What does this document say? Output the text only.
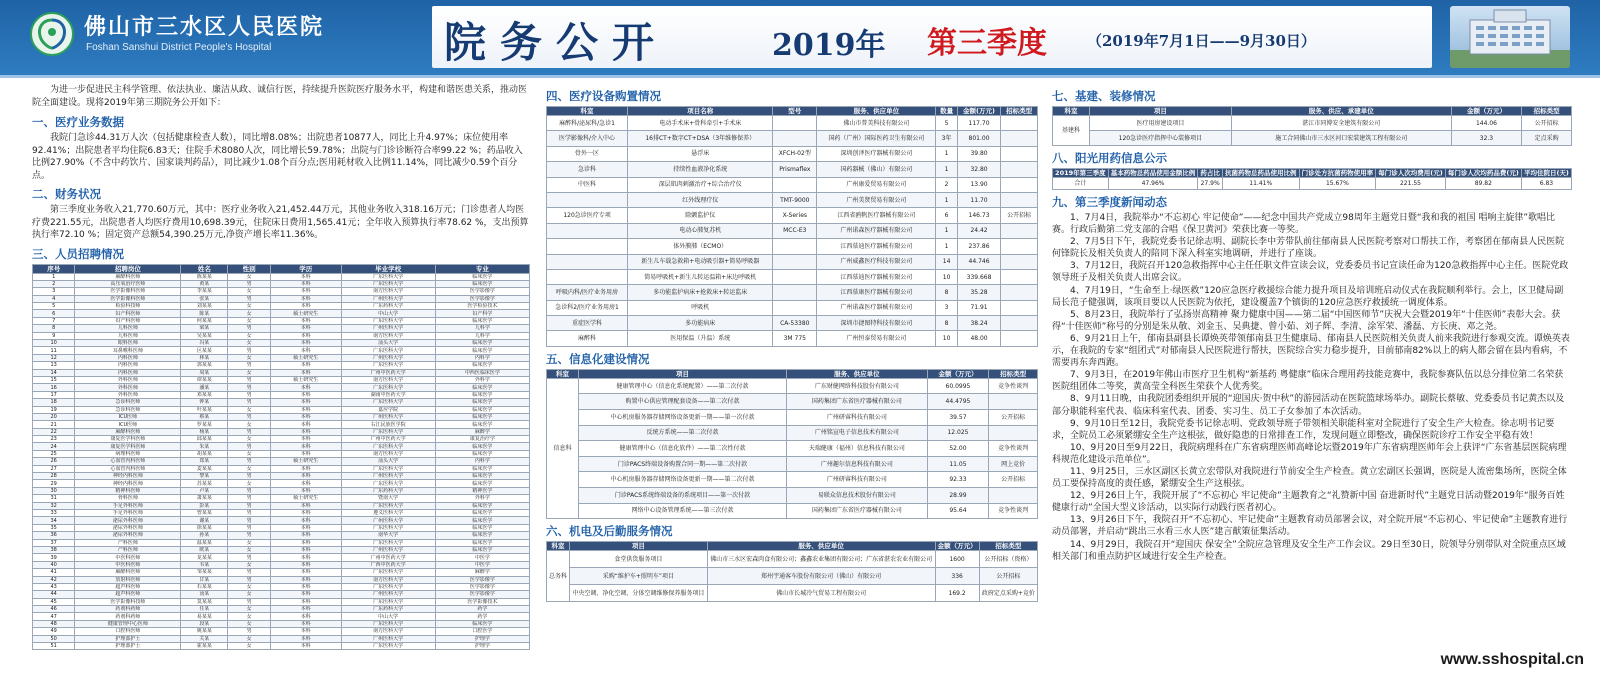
佛山市三水区人民医院
Foshan Sanshui District People's Hospital	院务公开	2019年 第三季度	（2019年7月1日——9月30日）

为进一步促进民主科学管理、依法执业、廉洁从政、诚信行医，持续提升医院医疗服务水平，构建和谐医患关系，推动医院全面建设。现将2019年第三期院务公开如下：

一、医疗业务数据

我院门急诊44.31万人次（包括健康检查人数），同比增8.08%；出院患者10877人，同比上升4.97%；床位使用率92.41%；出院患者平均住院6.83天；住院手术8080人次，同比增长59.78%；出院与门诊诊断符合率99.22 %；药品收入比例27.90%（不含中药饮片、国家谈判药品），同比减少1.08个百分点;医用耗材收入比例11.14%，同比减少0.59个百分点。

二、财务状况

第三季度业务收入21,770.60万元，其中：医疗业务收入21,452.44万元，其他业务收入318.16万元；门诊患者人均医疗费221.55元，出院患者人均医疗费用10,698.39元，住院床日费用1,565.41元；全年收入预算执行率78.62 %，支出预算执行率72.10 %；固定资产总额54,390.25万元,净资产增长率11.36%。

三、人员招聘情况
序号	招聘岗位	姓名	性别	学历	毕业学校	专业
1	麻醉科医师	陈某某	女	本科	广东医科大学	临床医学
2	高压氧治疗医师	黄某	男	本科	广东医科大学	临床医学
3	医学影像科医师	李某某	女	本科	南方医科大学	医学影像学
4	医学影像科医师	张某	男	本科	广州医科大学	医学影像学
5	检验科技师	刘某某	女	本科	广东药科大学	医学检验技术
6	妇产科医师	陈某	女	硕士研究生	中山大学	妇产科学
7	妇产科医师	何某某	女	本科	广东医科大学	临床医学
8	儿科医师	梁某	男	本科	广州医科大学	儿科学
9	儿科医师	吴某某	女	本科	南方医科大学	儿科学
10	眼科医师	冯某	女	本科	汕头大学	临床医学
11	耳鼻喉科医师	区某某	男	本科	广东医科大学	临床医学
12	内科医师	林某	女	硕士研究生	广州医科大学	内科学
13	内科医师	郭某某	男	本科	广东医科大学	临床医学
14	内科医师	周某	女	本科	广州中医药大学	中西医临床医学
15	外科医师	谭某某	男	硕士研究生	南方医科大学	外科学
16	外科医师	潘某	男	本科	广东医科大学	临床医学
17	外科医师	邓某某	男	本科	湖南中医药大学	临床医学
18	急诊科医师	钟某	男	本科	广东医科大学	临床医学
19	急诊科医师	叶某某	女	本科	嘉应学院	临床医学
20	ICU医师	蔡某	男	本科	广州医科大学	临床医学
21	ICU医师	罗某某	女	本科	右江民族医学院	临床医学
22	麻醉科医师	杨某	男	本科	广东医科大学	麻醉学
23	康复医学科医师	邱某某	女	本科	广州中医药大学	康复治疗学
24	康复医学科医师	朱某	男	本科	广东医科大学	临床医学
25	病理科医师	胡某某	女	本科	南方医科大学	临床医学
26	心血管内科医师	郑某	男	硕士研究生	汕头大学	内科学
27	心血管内科医师	麦某某	女	本科	广东医科大学	临床医学
28	神经内科医师	黎某	男	本科	广州医科大学	临床医学
29	神经内科医师	苏某某	女	本科	广东医科大学	临床医学
30	精神科医师	卢某	男	本科	广东药科大学	精神医学
31	骨科医师	萧某某	男	硕士研究生	暨南大学	外科学
32	手足外科医师	彭某	男	本科	广东医科大学	临床医学
33	手足外科医师	曾某某	男	本科	遵义医科大学	临床医学
34	泌尿外科医师	谢某	男	本科	广州医科大学	临床医学
35	泌尿外科医师	徐某某	男	本科	广东医科大学	临床医学
36	泌尿外科医师	孙某	男	本科	南华大学	临床医学
37	产科医师	温某某	女	本科	广东医科大学	临床医学
38	产科医师	欧某	女	本科	广州医科大学	临床医学
39	中医科医师	龙某某	男	本科	广州中医药大学	中医学
40	中医科医师	韦某	女	本科	广西中医药大学	中医学
41	麻醉科医师	邹某某	男	本科	广东医科大学	麻醉学
42	放射科医师	甘某	男	本科	南方医科大学	医学影像学
43	超声科医师	石某某	女	本科	广东医科大学	医学影像学
44	超声科医师	汤某	女	本科	广州医科大学	医学影像学
45	医学影像科技师	莫某某	男	本科	广东医科大学	医学影像技术
46	药剂科药师	任某	女	本科	广东药科大学	药学
47	药剂科药师	易某某	女	本科	中山大学	药学
48	健康管理中心医师	段某	女	本科	广东医科大学	临床医学
49	口腔科医师	姚某某	男	本科	南方医科大学	口腔医学
50	护理部护士	关某	女	本科	广州医科大学	护理学
51	护理部护士	霍某某	女	本科	广东医科大学	护理学
四、医疗设备购置情况
科室	项目名称	型号	服务、供应单位	数量	金额(万元)	招标类型
麻醉科/泌尿科/急诊1	电动手术床+骨科牵引+手术床		佛山市普美科技有限公司	5	117.70	
医学影像科/介入中心	16排CT+数字CT+DSA（3年维修保养）		国药（广州）国际医药卫生有限公司	3年	801.00	
骨外一区	悬浮床	XFCH-02型	深圳创泽医疗器械有限公司	1	39.80	
急诊科	持续性血液净化系统	Prismaflex	国药器械（佛山）有限公司	1	32.80	
中医科	深层肌肉刺激治疗+综合治疗仪		广州康爱贸易有限公司	2	13.90	
	红外线理疗仪	TMT-9000	广州美贤贸易有限公司	1	11.70	
120急诊医疗专项	除颤监护仪	X-Series	江西省鸥帆医疗器械有限公司	6	146.73	公开招标
	电动心肺复苏机	MCC-E3	广州诺森医疗器械有限公司	1	24.42	
	体外膜肺（ECMO）		江西慕迪医疗器械有限公司	1	237.86	
	新生儿车载急救箱+电动吸引器+简易呼吸器		广州威鑫医疗科技有限公司	14	44.746	
	简易呼吸机+新生儿转运温箱+床边呼吸机		江西慕迪医疗器械有限公司	10	339.668	
呼吸内科/医疗业务用房	多功能监护病床+抢救床+转运监床		江西慕康医疗器械有限公司	8	35.28	
急诊科2/医疗业务用房1	呼吸机		广州诺森医疗器械有限公司	3	71.91	
重症医学科	多功能病床	CA-53380	深圳市捷图特科技有限公司	8	38.24	
麻醉科	医用保温（升温）系统	3M 775	广州恒泰贸易有限公司	10	48.00	
五、信息化建设情况
科室	项目	服务、供应单位	金额（万元）	招标类型
信息科	健康管理中心（信息化系统配置）——第二次付款	广东财健网络科技股份有限公司	60.0995	竞争性谈判
	购置中心供应管理配套设备——第二次付款	国药集团广东省医疗器械有限公司	44.4795	
	中心机房服务器存储网络设备更新一期——第一次付款	广州研睿科技有限公司	39.57	公开招标
	反统方系统——第二次付款	广州铭宣电子信息技术有限公司	12.025	
	健康管理中心（信息化软件）——第二次性付款	天瑞健康（福州）信息科技有限公司	52.00	竞争性谈判
	门诊PACS终端设备购置合同一期——第二次付款	广州趣尔信息科技有限公司	11.05	网上竞价
	中心机房服务器存储网络设备更新一期——第二次付款	广州研睿科技有限公司	92.33	公开招标
	门诊PACS系统终端设备的系统项目——第一次付款	易联众信息技术股份有限公司	28.99	
	网络中心设备管理系统——第三次付款	国药集团广东省医疗器械有限公司	95.64	竞争性谈判
六、机电及后勤服务情况
科室	项目	服务、供应单位	金额（万元）	招标类型
总务科	食堂供货服务项目	佛山市三水区宏森肉食有限公司；鑫鑫农业集团有限公司；广东省湛农农业有限公司	1600	公开招标（资格）
	采购“维护车+照明车”项目	郑州宇通客车股份有限公司（佛山）有限公司	336	公开招标
	中央空调、净化空调、分体空调维修保养服务项目	佛山市长城冷气贸易工程有限公司	169.2	政府定点采购+竞价
七、基建、装修情况
科室	项目	服务、供应、承建单位	金额（万元）	招标类型
基建科	医疗用房建设项目	湛江市同博安全建筑有限公司	144.06	公开招标
	120急诊医疗指挥中心装修项目	施工合同佛山市三水区河口宏装建筑工程有限公司	32.3	定点采购
八、阳光用药信息公示
2019年第三季度	基本药物总药品使用金额比例	药占比	抗菌药物总药品使用比例	门诊处方抗菌药物使用率	每门诊人次均费用(元)	每门诊人次均药品费(元)	平均住院日(天)
合计	47.96%	27.9%	11.41%	15.67%	221.55	89.82	6.83
九、第三季度新闻动态

1、7月4日，我院举办“不忘初心 牢记使命”——纪念中国共产党成立98周年主题党日暨“我和我的祖国 唱响主旋律”歌唱比赛。行政后勤第二党支部的合唱《保卫黄河》荣获比赛一等奖。

2、7月5日下午，我院党委书记徐志明、副院长李中芳带队前往郁南县人民医院考察对口帮扶工作，考察团在郁南县人民医院何锋院长及相关负责人的陪同下深入科室实地调研，并进行了座谈。

3、7月12日，我院召开120急救指挥中心主任任职文件宣读会议，党委委员书记宣读任命为120急救指挥中心主任。医院党政领导班子及相关负责人出席会议。

4、7月19日，“生命至上·绿医救”120应急医疗救援综合能力提升项目及培训班启动仪式在我院顺利举行。会上，区卫健局副局长范子健强调，该项目要以人民医院为依托，建设覆盖7个镇街的120应急医疗救援统一调度体系。

5、8月23日，我院举行了弘扬崇高精神 聚力健康中国——第二届“中国医师节”庆祝大会暨2019年“十佳医师”表彰大会。获得“十佳医师”称号的分别是朱从敬、刘金玉、吴典捷、曾小茹、刘子辉、李清、涂军荣、潘磊、方长庚、邓之尧。

6、9月21日上午，郁南县副县长谭焕英带领郁南县卫生健康局、郁南县人民医院相关负责人前来我院进行参观交流。谭焕英表示，在我院的专家“组团式”对郁南县人民医院进行帮扶，医院综合实力稳步提升，目前郁南82%以上的病人都会留在县内看病，不需要再东奔西跑。

7、9月3日，在2019年佛山市医疗卫生机构“新基药 粤健康”临床合理用药技能竞赛中，我院参赛队伍以总分排位第二名荣获医院组团体二等奖，黄高莹全科医生荣获个人优秀奖。

8、9月11日晚，由我院团委组织开展的“迎国庆·贺中秋”的游园活动在医院篮球场举办。副院长蔡敏、党委委员书记黄杰以及部分职能科室代表、临床科室代表、团委、实习生、员工子女参加了本次活动。

9、9月10日至12日，我院党委书记徐志明、党政领导班子带领相关职能科室对全院进行了安全生产大检查。徐志明书记要求，全院员工必须紧绷安全生产这根弦，做好隐患的日常排查工作，发现问题立即整改，确保医院诊疗工作安全平稳有效！

10、9月20日至9月22日，我院病理科在广东省病理医师高峰论坛暨2019年广东省病理医师年会上获评“广东省基层医院病理科规范化建设示范单位”。

11、9月25日，三水区副区长黄立宏带队对我院进行节前安全生产检查。黄立宏副区长强调，医院是人流密集场所，医院全体员工要保持高度的责任感，紧绷安全生产这根弦。

12、9月26日上午，我院开展了“不忘初心 牢记使命”主题教育之“礼赞新中国 奋进新时代”主题党日活动暨2019年“服务百姓健康行动”全国大型义诊活动，以实际行动践行医者初心。

13、9月26日下午，我院召开“不忘初心、牢记使命”主题教育动员部署会议，对全院开展“不忘初心、牢记使命”主题教育进行动员部署，并启动“跳出三水看三水人医”建言献策征集活动。

14、9月29日，我院召开“迎国庆 保安全”全院应急管理及安全生产工作会议。29日至30日，院领导分别带队对全院重点区域相关部门和重点防护区域进行安全生产检查。

www.sshospital.cn
